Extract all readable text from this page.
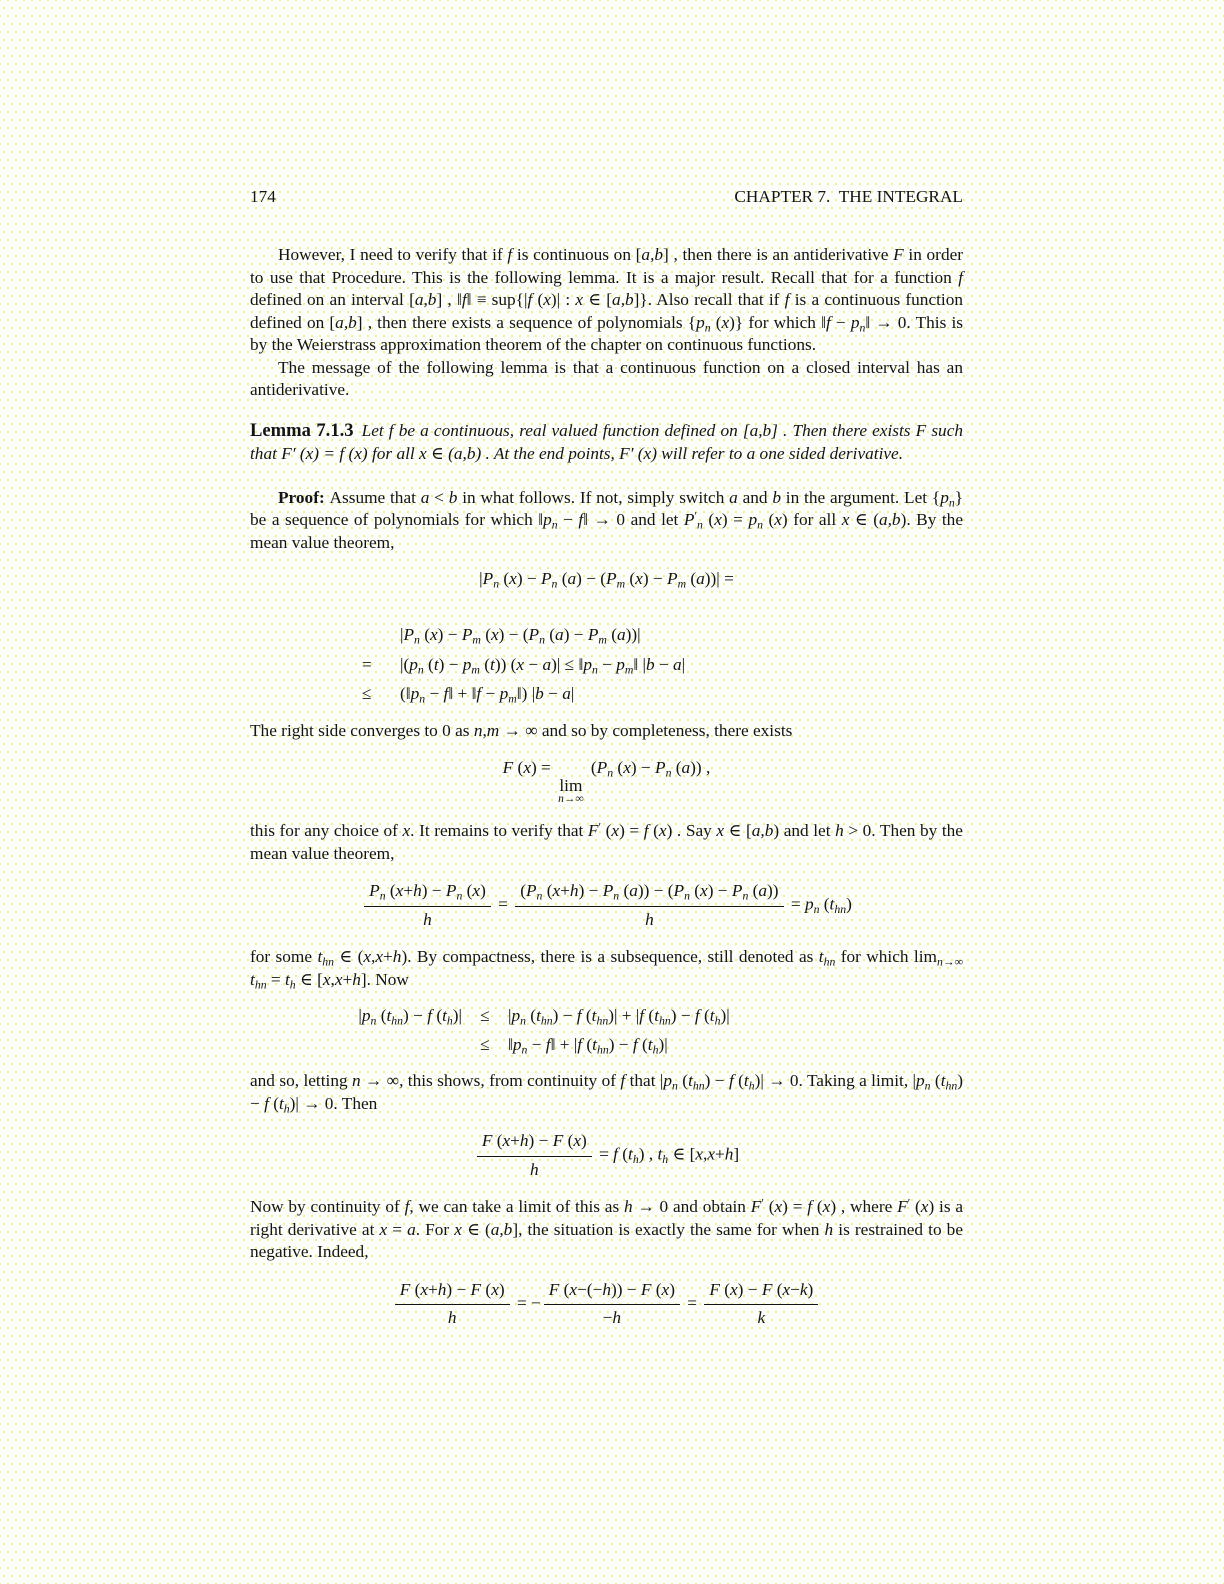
174	CHAPTER 7.  THE INTEGRAL

However, I need to verify that if f is continuous on [a,b] , then there is an antiderivative F in order to use that Procedure. This is the following lemma. It is a major result. Recall that for a function f defined on an interval [a,b] , ‖f‖ ≡ sup{|f (x)| : x ∈ [a,b]}. Also recall that if f is a continuous function defined on [a,b] , then there exists a sequence of polynomials {$p_n$ (x)} for which ‖f − $p_n‖ \to 0$. This is by the Weierstrass approximation theorem of the chapter on continuous functions.

The message of the following lemma is that a continuous function on a closed interval has an antiderivative.

Lemma 7.1.3 Let f be a continuous, real valued function defined on [a,b] . Then there exists F such that F′ (x) = f (x) for all x ∈ (a,b) . At the end points, F′ (x) will refer to a one sided derivative.

Proof: Assume that a < b in what follows. If not, simply switch a and b in the argument. Let $\{p_n\}$ be a sequence of polynomials for which $‖p_n$ − f‖ → 0 and let $P'_n$ $(x) = p_n$ (x) for all x ∈ (a,b). By the mean value theorem,

$|P_n$ $(x) - P_n$ $(a) - (P_m$ $(x) - P_m$ (a))| =
$|P_n$ $(x) - P_m$ $(x) - (P_n$ $(a) - P_m$ (a))|
=	$|(p_n$ $(t) - p_m$ (t)) $(x - a)| \le ‖p_n$ − $p_m‖$ |b − a|
≤	($‖p_n$ − f‖ + ‖f − $p_m‖$) |b − a|

The right side converges to 0 as n,m → ∞ and so by completeness, there exists

F (x) =
lim
n→∞
($P_n$ $(x) - P_n$ (a)) ,

this for any choice of x. It remains to verify that F′ (x) = f (x) . Say x ∈ [a,b) and let h > 0. Then by the mean value theorem,

$\frac{P_n (x+h) - P_n (x)}{h} = \frac{(P_n (x+h) - P_n (a)) - (P_n (x) - P_n (a))}{h} = p_n$ $(t_{hn})$

for some $t_{hn}$ ∈ (x,x+h). By compactness, there is a subsequence, still denoted as $t_{hn}$ for which $\lim_{n\to\infty} t_{hn} = t_h$ ∈ [x,x+h]. Now

$|p_n$ $(t_{hn}) - f$ $(t_h)|$	≤	$|p_n$ $(t_{hn}) - f$ $(t_{hn})| + |f$ $(t_{hn}) - f$ $(t_h)|$
≤	$‖p_n$ − f‖ + |f $(t_{hn}) - f$ $(t_h)|$

and so, letting n → ∞, this shows, from continuity of f that $|p_n$ $(t_{hn}) - f$ $(t_h)| \to 0$. Taking a limit, $|p_n$ $(t_{hn}) - f$ $(t_h)| \to 0$. Then

$\frac{F (x+h) - F (x)}{h} = f$ $(t_h)$ , $t_h$ ∈ [x,x+h]

Now by continuity of f, we can take a limit of this as h → 0 and obtain F′ (x) = f (x) , where F′ (x) is a right derivative at x = a. For x ∈ (a,b], the situation is exactly the same for when h is restrained to be negative. Indeed,

$\frac{F (x+h) - F (x)}{h}$ = − $\frac{F (x-(-h)) - F (x)}{-h} = \frac{F (x) - F (x-k)}{k}$
